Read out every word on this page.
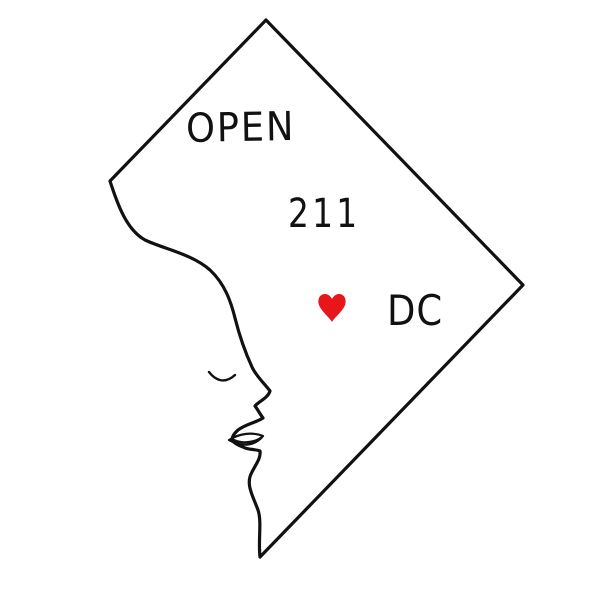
OPEN
211
DC
